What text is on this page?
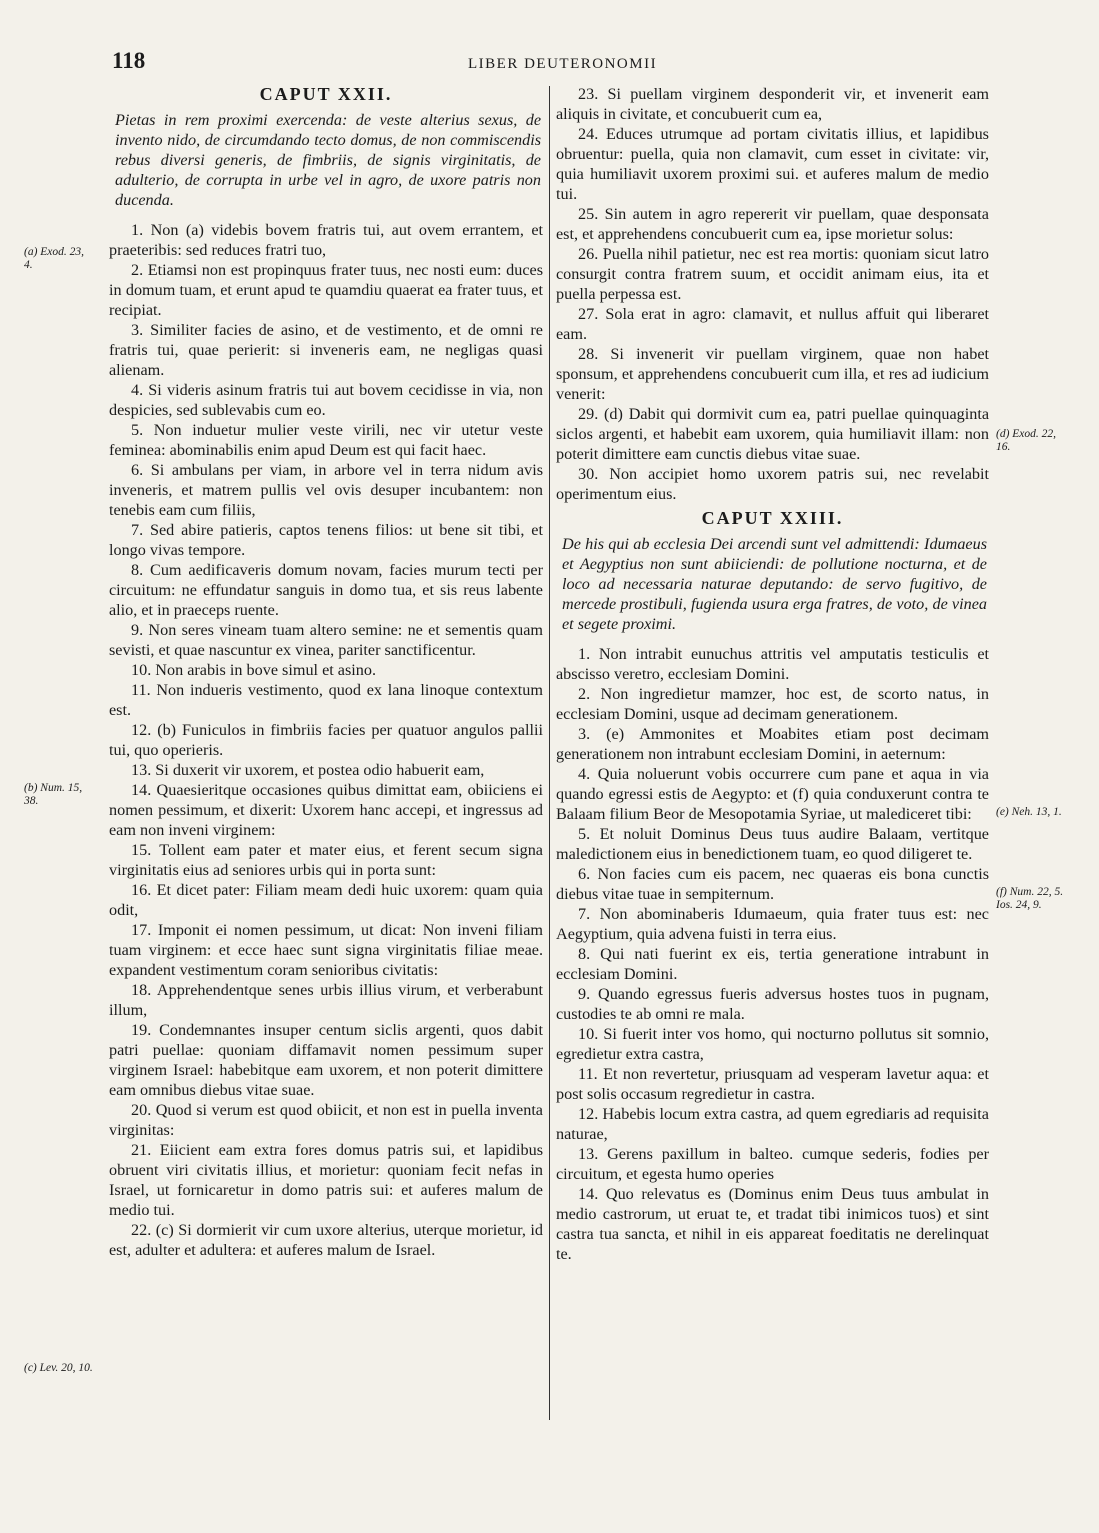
118	LIBER DEUTERONOMII
CAPUT XXII.
Pietas in rem proximi exercenda: de veste alterius sexus, de invento nido, de circumdando tecto domus, de non commiscendis rebus diversi generis, de fimbriis, de signis virginitatis, de adulterio, de corrupta in urbe vel in agro, de uxore patris non ducenda.

1. Non (a) videbis bovem fratris tui, aut ovem errantem, et praeteribis: sed reduces fratri tuo,

2. Etiamsi non est propinquus frater tuus, nec nosti eum: duces in domum tuam, et erunt apud te quamdiu quaerat ea frater tuus, et recipiat.

3. Similiter facies de asino, et de vestimento, et de omni re fratris tui, quae perierit: si inveneris eam, ne negligas quasi alienam.

4. Si videris asinum fratris tui aut bovem cecidisse in via, non despicies, sed sublevabis cum eo.

5. Non induetur mulier veste virili, nec vir utetur veste feminea: abominabilis enim apud Deum est qui facit haec.

6. Si ambulans per viam, in arbore vel in terra nidum avis inveneris, et matrem pullis vel ovis desuper incubantem: non tenebis eam cum filiis,

7. Sed abire patieris, captos tenens filios: ut bene sit tibi, et longo vivas tempore.

8. Cum aedificaveris domum novam, facies murum tecti per circuitum: ne effundatur sanguis in domo tua, et sis reus labente alio, et in praeceps ruente.

9. Non seres vineam tuam altero semine: ne et sementis quam sevisti, et quae nascuntur ex vinea, pariter sanctificentur.

10. Non arabis in bove simul et asino.

11. Non indueris vestimento, quod ex lana linoque contextum est.

12. (b) Funiculos in fimbriis facies per quatuor angulos pallii tui, quo operieris.

13. Si duxerit vir uxorem, et postea odio habuerit eam,

14. Quaesieritque occasiones quibus dimittat eam, obiiciens ei nomen pessimum, et dixerit: Uxorem hanc accepi, et ingressus ad eam non inveni virginem:

15. Tollent eam pater et mater eius, et ferent secum signa virginitatis eius ad seniores urbis qui in porta sunt:

16. Et dicet pater: Filiam meam dedi huic uxorem: quam quia odit,

17. Imponit ei nomen pessimum, ut dicat: Non inveni filiam tuam virginem: et ecce haec sunt signa virginitatis filiae meae. expandent vestimentum coram senioribus civitatis:

18. Apprehendentque senes urbis illius virum, et verberabunt illum,

19. Condemnantes insuper centum siclis argenti, quos dabit patri puellae: quoniam diffamavit nomen pessimum super virginem Israel: habebitque eam uxorem, et non poterit dimittere eam omnibus diebus vitae suae.

20. Quod si verum est quod obiicit, et non est in puella inventa virginitas:

21. Eiicient eam extra fores domus patris sui, et lapidibus obruent viri civitatis illius, et morietur: quoniam fecit nefas in Israel, ut fornicaretur in domo patris sui: et auferes malum de medio tui.

22. (c) Si dormierit vir cum uxore alterius, uterque morietur, id est, adulter et adultera: et auferes malum de Israel.

23. Si puellam virginem desponderit vir, et invenerit eam aliquis in civitate, et concubuerit cum ea,

24. Educes utrumque ad portam civitatis illius, et lapidibus obruentur: puella, quia non clamavit, cum esset in civitate: vir, quia humiliavit uxorem proximi sui. et auferes malum de medio tui.

25. Sin autem in agro repererit vir puellam, quae desponsata est, et apprehendens concubuerit cum ea, ipse morietur solus:

26. Puella nihil patietur, nec est rea mortis: quoniam sicut latro consurgit contra fratrem suum, et occidit animam eius, ita et puella perpessa est.

27. Sola erat in agro: clamavit, et nullus affuit qui liberaret eam.

28. Si invenerit vir puellam virginem, quae non habet sponsum, et apprehendens concubuerit cum illa, et res ad iudicium venerit:

29. (d) Dabit qui dormivit cum ea, patri puellae quinquaginta siclos argenti, et habebit eam uxorem, quia humiliavit illam: non poterit dimittere eam cunctis diebus vitae suae.

30. Non accipiet homo uxorem patris sui, nec revelabit operimentum eius.

CAPUT XXIII.
De his qui ab ecclesia Dei arcendi sunt vel admittendi: Idumaeus et Aegyptius non sunt abiiciendi: de pollutione nocturna, et de loco ad necessaria naturae deputando: de servo fugitivo, de mercede prostibuli, fugienda usura erga fratres, de voto, de vinea et segete proximi.

1. Non intrabit eunuchus attritis vel amputatis testiculis et abscisso veretro, ecclesiam Domini.

2. Non ingredietur mamzer, hoc est, de scorto natus, in ecclesiam Domini, usque ad decimam generationem.

3. (e) Ammonites et Moabites etiam post decimam generationem non intrabunt ecclesiam Domini, in aeternum:

4. Quia noluerunt vobis occurrere cum pane et aqua in via quando egressi estis de Aegypto: et (f) quia conduxerunt contra te Balaam filium Beor de Mesopotamia Syriae, ut malediceret tibi:

5. Et noluit Dominus Deus tuus audire Balaam, vertitque maledictionem eius in benedictionem tuam, eo quod diligeret te.

6. Non facies cum eis pacem, nec quaeras eis bona cunctis diebus vitae tuae in sempiternum.

7. Non abominaberis Idumaeum, quia frater tuus est: nec Aegyptium, quia advena fuisti in terra eius.

8. Qui nati fuerint ex eis, tertia generatione intrabunt in ecclesiam Domini.

9. Quando egressus fueris adversus hostes tuos in pugnam, custodies te ab omni re mala.

10. Si fuerit inter vos homo, qui nocturno pollutus sit somnio, egredietur extra castra,

11. Et non revertetur, priusquam ad vesperam lavetur aqua: et post solis occasum regredietur in castra.

12. Habebis locum extra castra, ad quem egrediaris ad requisita naturae,

13. Gerens paxillum in balteo. cumque sederis, fodies per circuitum, et egesta humo operies

14. Quo relevatus es (Dominus enim Deus tuus ambulat in medio castrorum, ut eruat te, et tradat tibi inimicos tuos) et sint castra tua sancta, et nihil in eis appareat foeditatis ne derelinquat te.

(a) Exod. 23, 4.
(b) Num. 15, 38.
(c) Lev. 20, 10.
(d) Exod. 22, 16.
(e) Neh. 13, 1.
(f) Num. 22, 5. Ios. 24, 9.
